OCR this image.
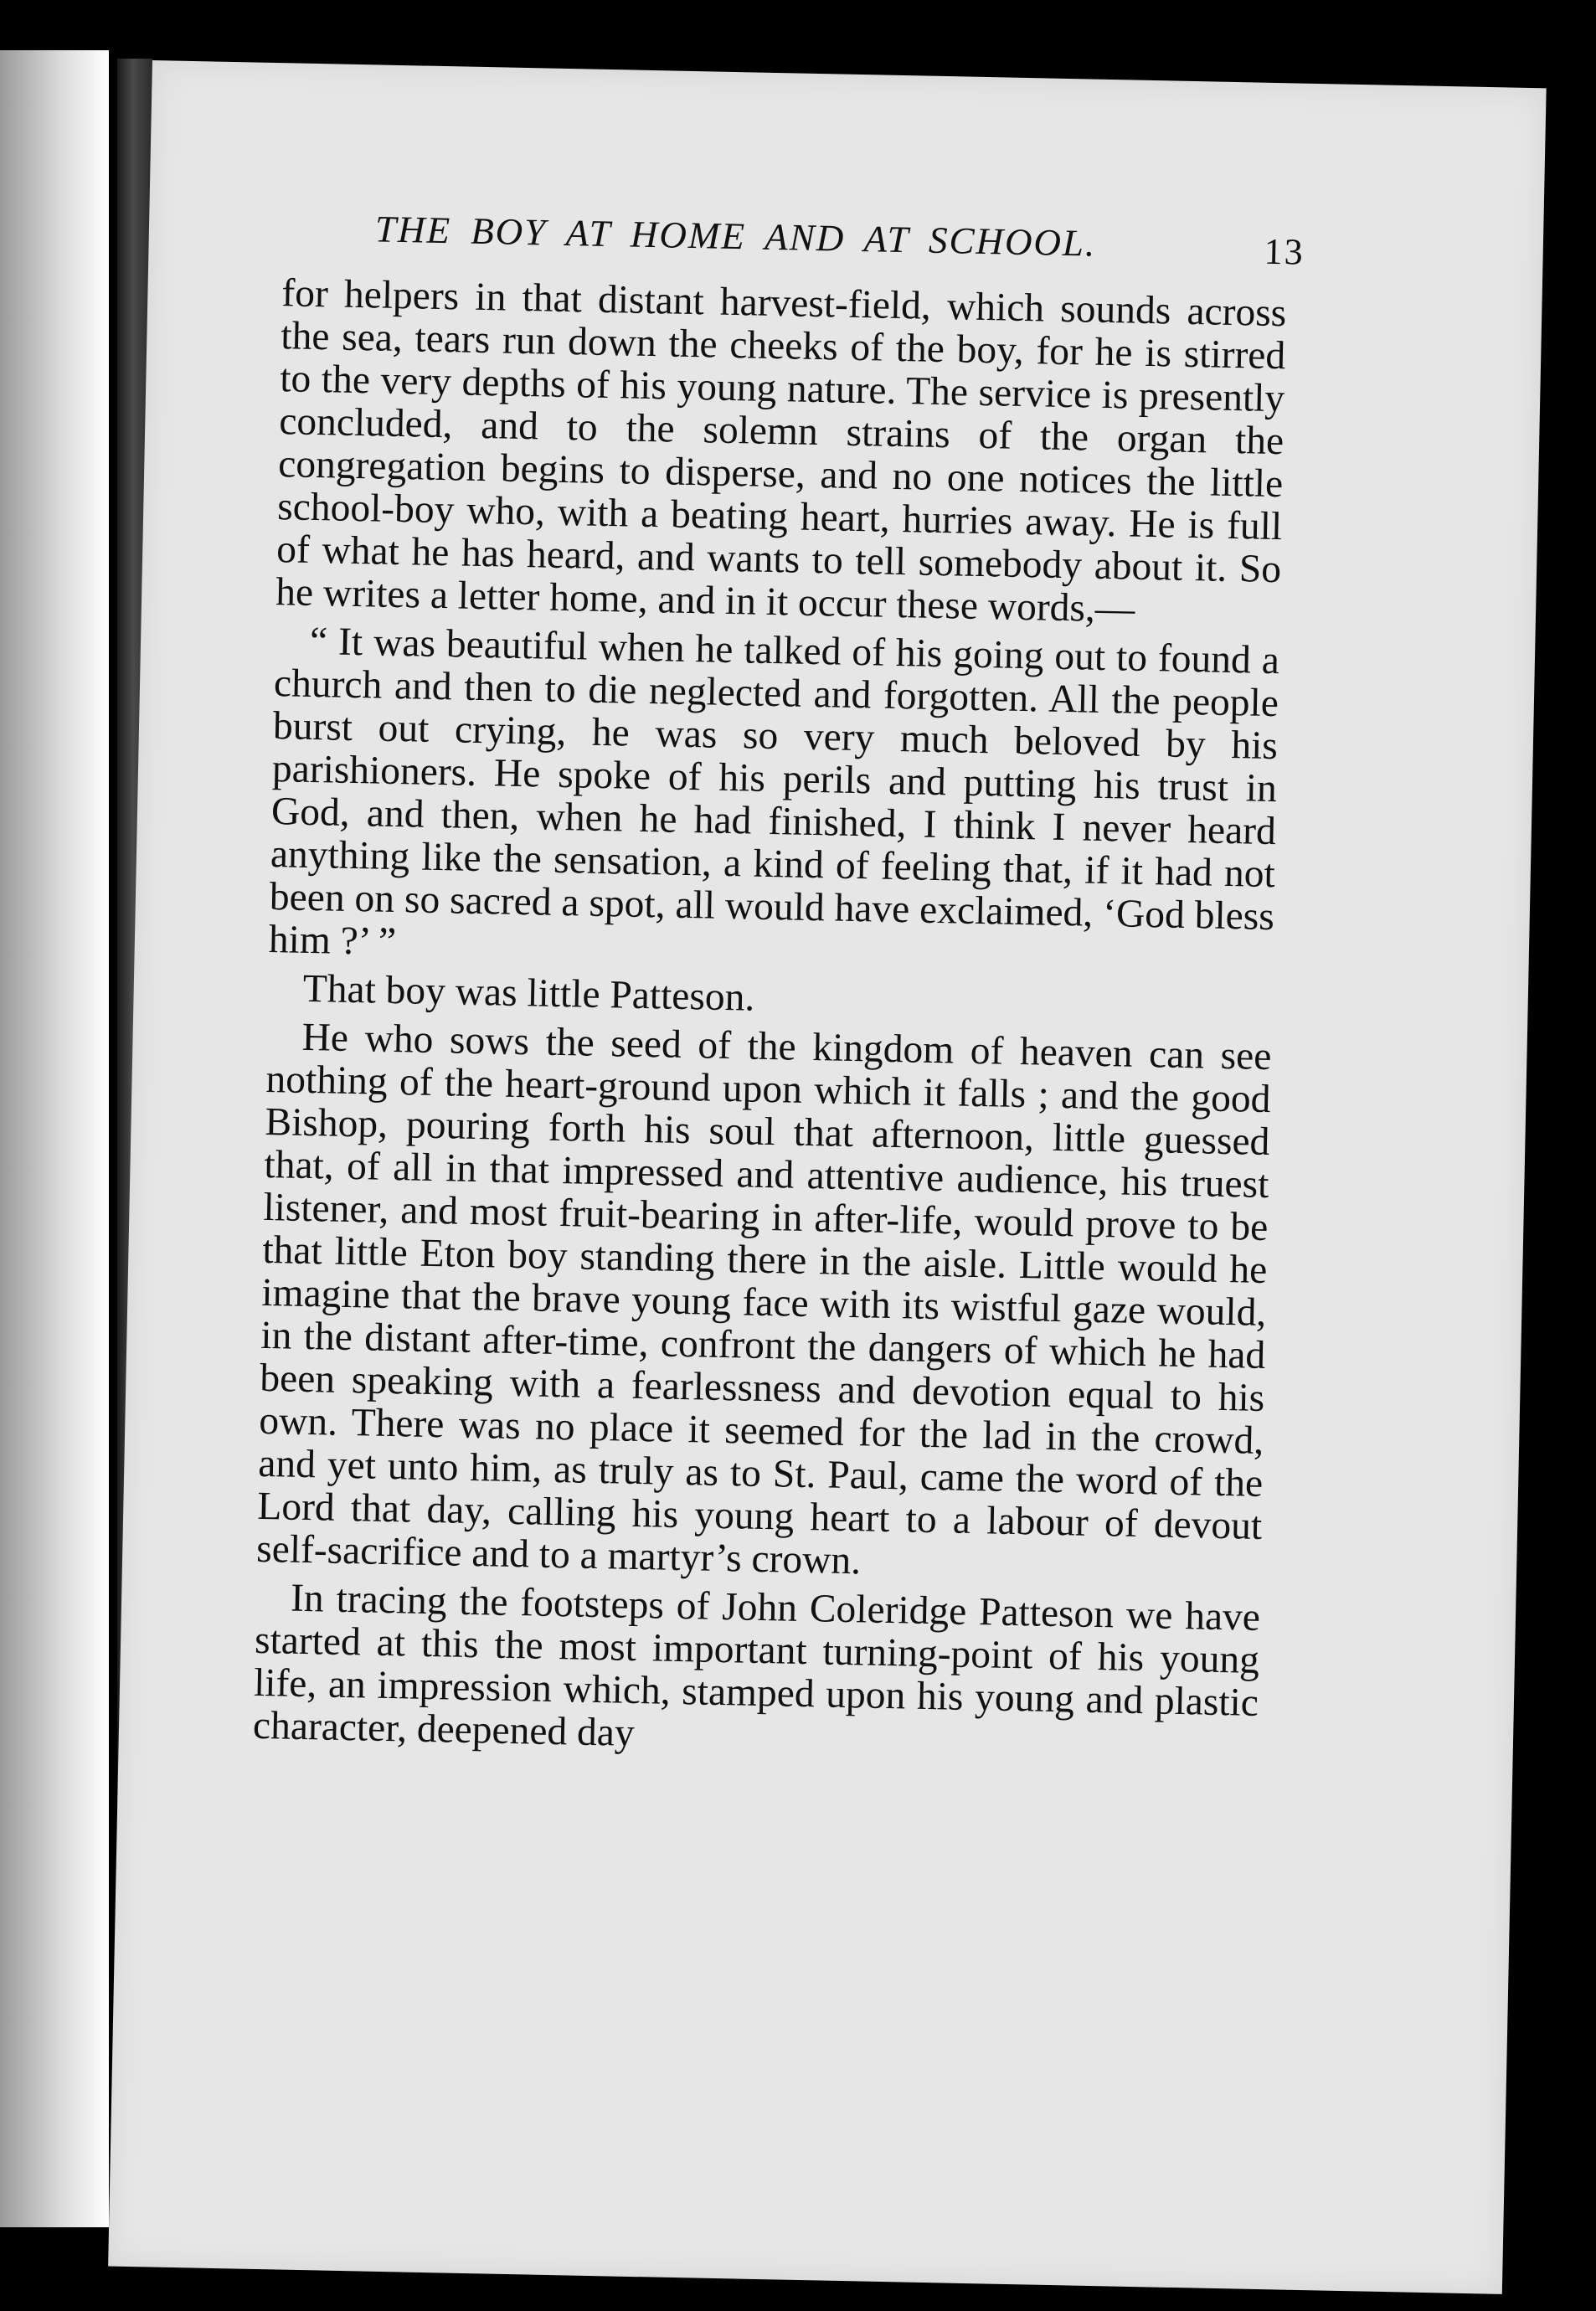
THE BOY AT HOME AND AT SCHOOL.	13

for helpers in that distant harvest-field, which sounds across the sea, tears run down the cheeks of the boy, for he is stirred to the very depths of his young nature. The service is presently concluded, and to the solemn strains of the organ the congregation begins to disperse, and no one notices the little school-boy who, with a beating heart, hurries away. He is full of what he has heard, and wants to tell somebody about it. So he writes a letter home, and in it occur these words,—

“ It was beautiful when he talked of his going out to found a church and then to die neglected and forgotten. All the people burst out crying, he was so very much beloved by his parishioners. He spoke of his perils and putting his trust in God, and then, when he had finished, I think I never heard anything like the sensation, a kind of feeling that, if it had not been on so sacred a spot, all would have exclaimed, ‘God bless him ?’ ”

That boy was little Patteson.

He who sows the seed of the kingdom of heaven can see nothing of the heart-ground upon which it falls ; and the good Bishop, pouring forth his soul that afternoon, little guessed that, of all in that impressed and attentive audience, his truest listener, and most fruit-bearing in after-life, would prove to be that little Eton boy standing there in the aisle. Little would he imagine that the brave young face with its wistful gaze would, in the distant after-time, confront the dangers of which he had been speaking with a fearlessness and devotion equal to his own. There was no place it seemed for the lad in the crowd, and yet unto him, as truly as to St. Paul, came the word of the Lord that day, calling his young heart to a labour of devout self-sacrifice and to a martyr’s crown.

In tracing the footsteps of John Coleridge Patteson we have started at this the most important turning-point of his young life, an impression which, stamped upon his young and plastic character, deepened day
